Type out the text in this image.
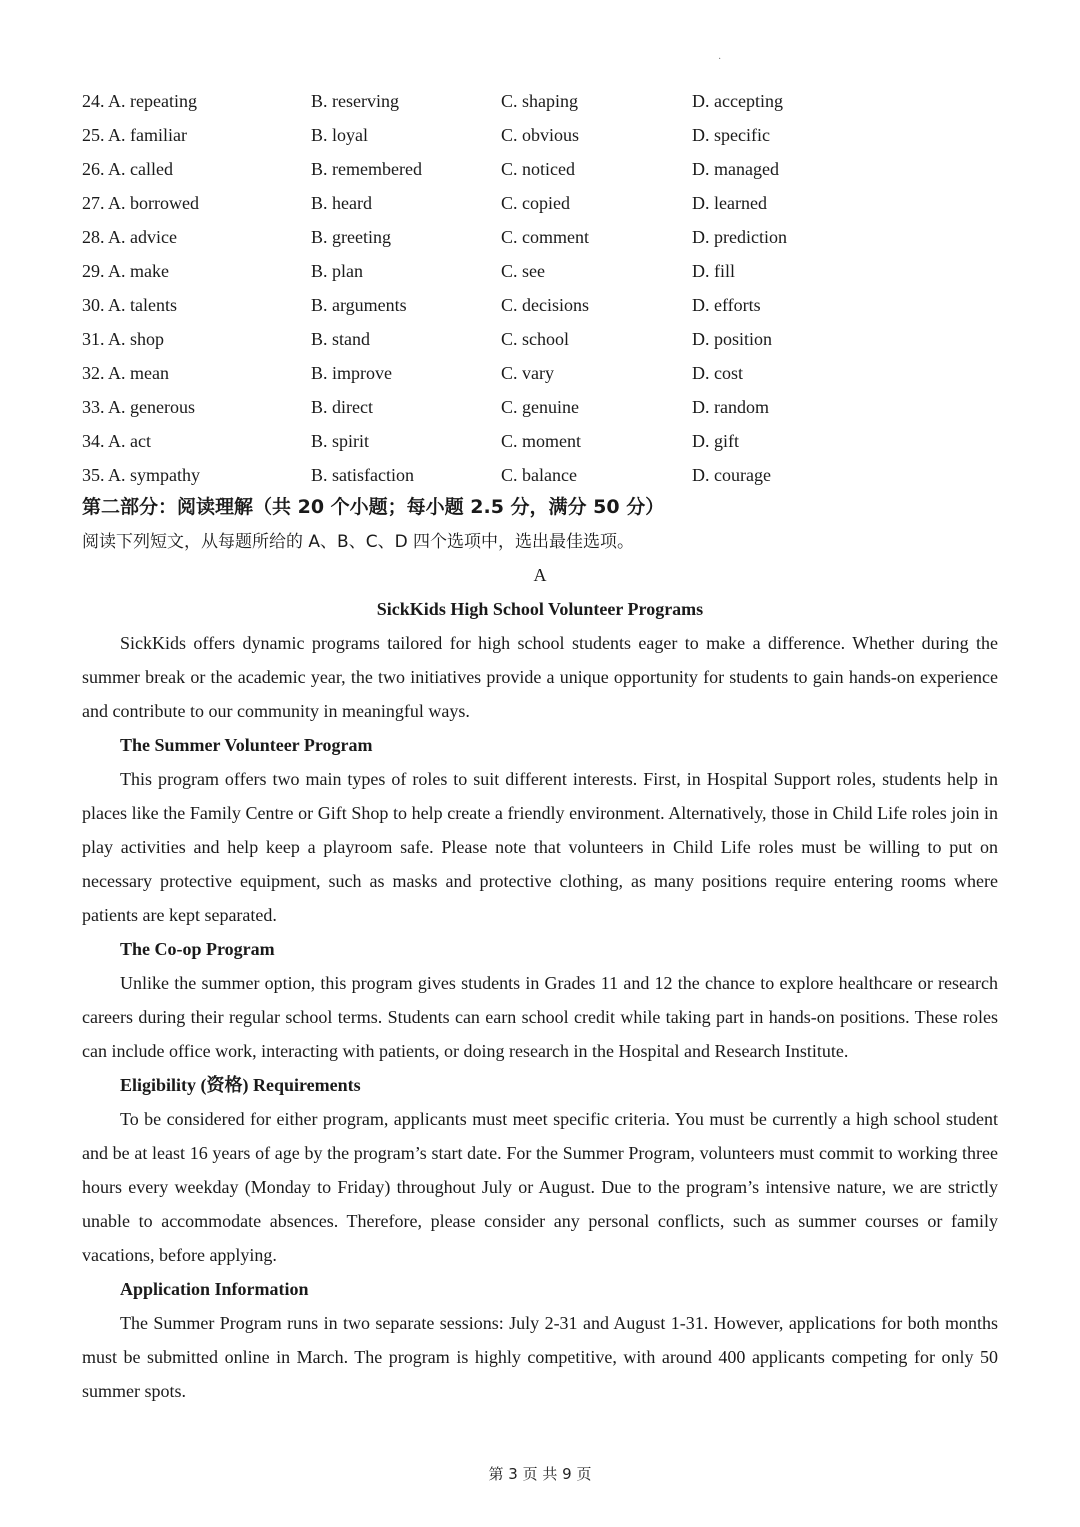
·
24. A. repeating	B. reserving	C. shaping	D. accepting
25. A. familiar	B. loyal	C. obvious	D. specific
26. A. called	B. remembered	C. noticed	D. managed
27. A. borrowed	B. heard	C. copied	D. learned
28. A. advice	B. greeting	C. comment	D. prediction
29. A. make	B. plan	C. see	D. fill
30. A. talents	B. arguments	C. decisions	D. efforts
31. A. shop	B. stand	C. school	D. position
32. A. mean	B. improve	C. vary	D. cost
33. A. generous	B. direct	C. genuine	D. random
34. A. act	B. spirit	C. moment	D. gift
35. A. sympathy	B. satisfaction	C. balance	D. courage
第二部分：阅读理解（共 20 个小题；每小题 2.5 分，满分 50 分）
阅读下列短文，从每题所给的 A、B、C、D 四个选项中，选出最佳选项。
A
SickKids High School Volunteer Programs

SickKids offers dynamic programs tailored for high school students eager to make a difference. Whether during the summer break or the academic year, the two initiatives provide a unique opportunity for students to gain hands-on experience and contribute to our community in meaningful ways.

The Summer Volunteer Program

This program offers two main types of roles to suit different interests. First, in Hospital Support roles, students help in places like the Family Centre or Gift Shop to help create a friendly environment. Alternatively, those in Child Life roles join in play activities and help keep a playroom safe. Please note that volunteers in Child Life roles must be willing to put on necessary protective equipment, such as masks and protective clothing, as many positions require entering rooms where patients are kept separated.

The Co-op Program

Unlike the summer option, this program gives students in Grades 11 and 12 the chance to explore healthcare or research careers during their regular school terms. Students can earn school credit while taking part in hands-on positions. These roles can include office work, interacting with patients, or doing research in the Hospital and Research Institute.

Eligibility (资格) Requirements

To be considered for either program, applicants must meet specific criteria. You must be currently a high school student and be at least 16 years of age by the program’s start date. For the Summer Program, volunteers must commit to working three hours every weekday (Monday to Friday) throughout July or August. Due to the program’s intensive nature, we are strictly unable to accommodate absences. Therefore, please consider any personal conflicts, such as summer courses or family vacations, before applying.

Application Information

The Summer Program runs in two separate sessions: July 2-31 and August 1-31. However, applications for both months must be submitted online in March. The program is highly competitive, with around 400 applicants competing for only 50 summer spots.

第 3 页 共 9 页
